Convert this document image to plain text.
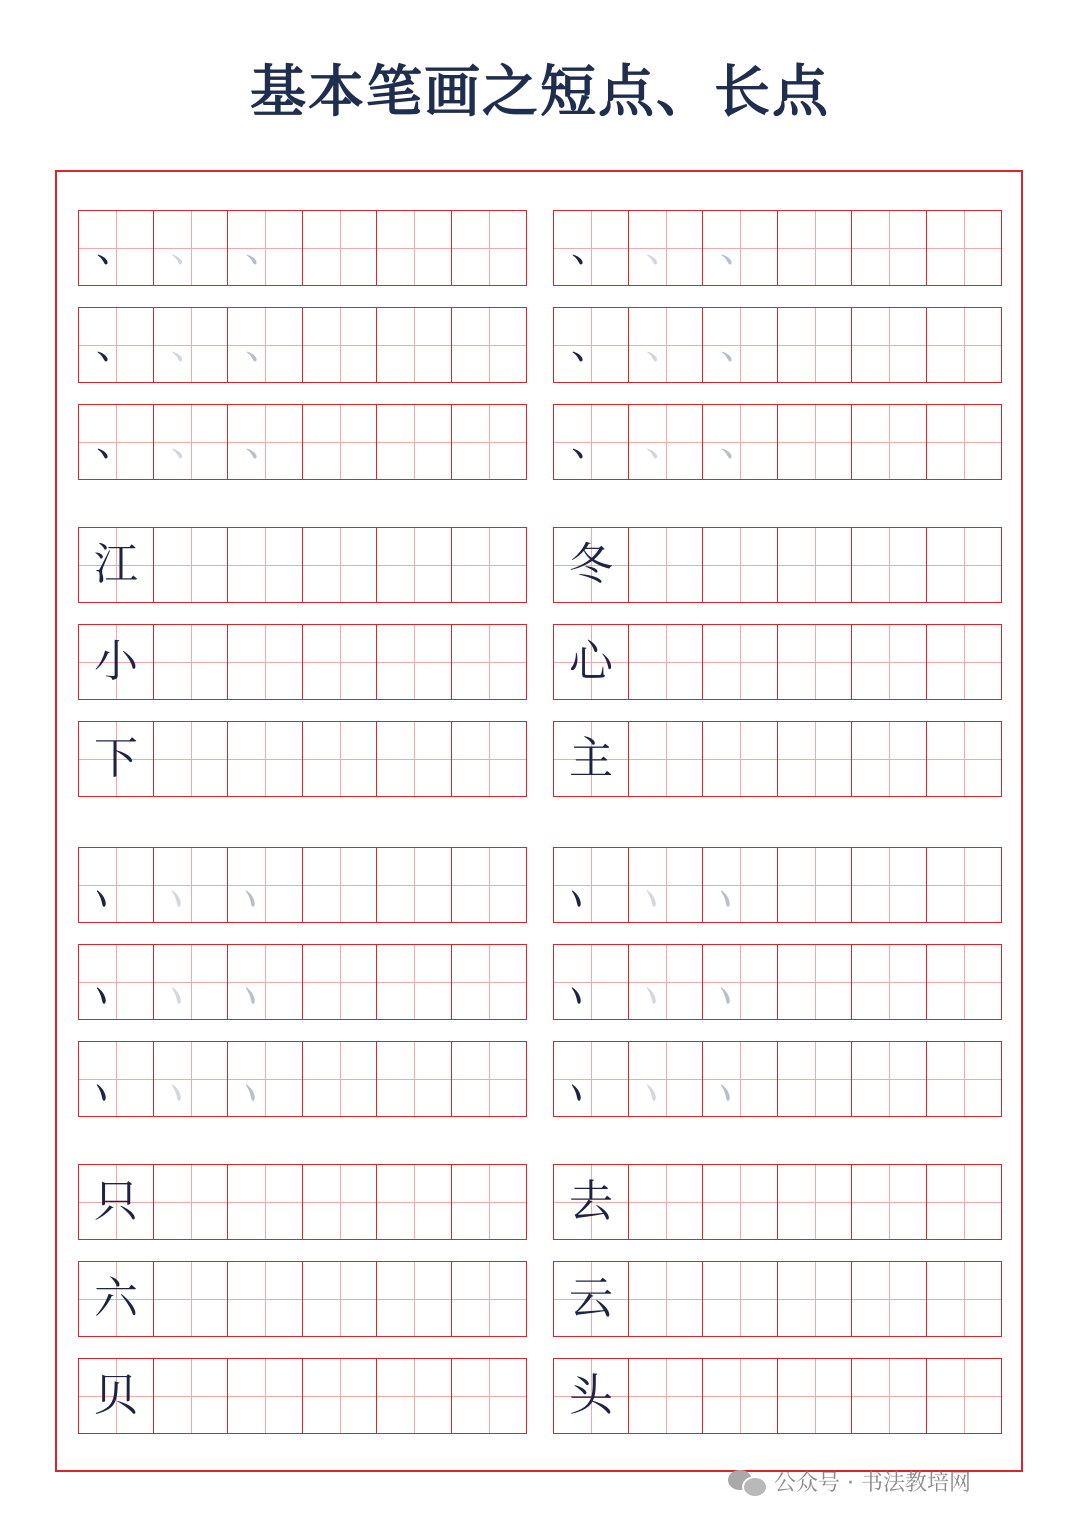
基本笔画之短点、长点
、 、 、	、 、 、
、 、 、	、 、 、
、 、 、	、 、 、
江	冬
小	心
下	主
、 、 、	、 、 、
、 、 、	、 、 、
、 、 、	、 、 、
只	去
六	云
贝	头
公众号 · 书法教培网
